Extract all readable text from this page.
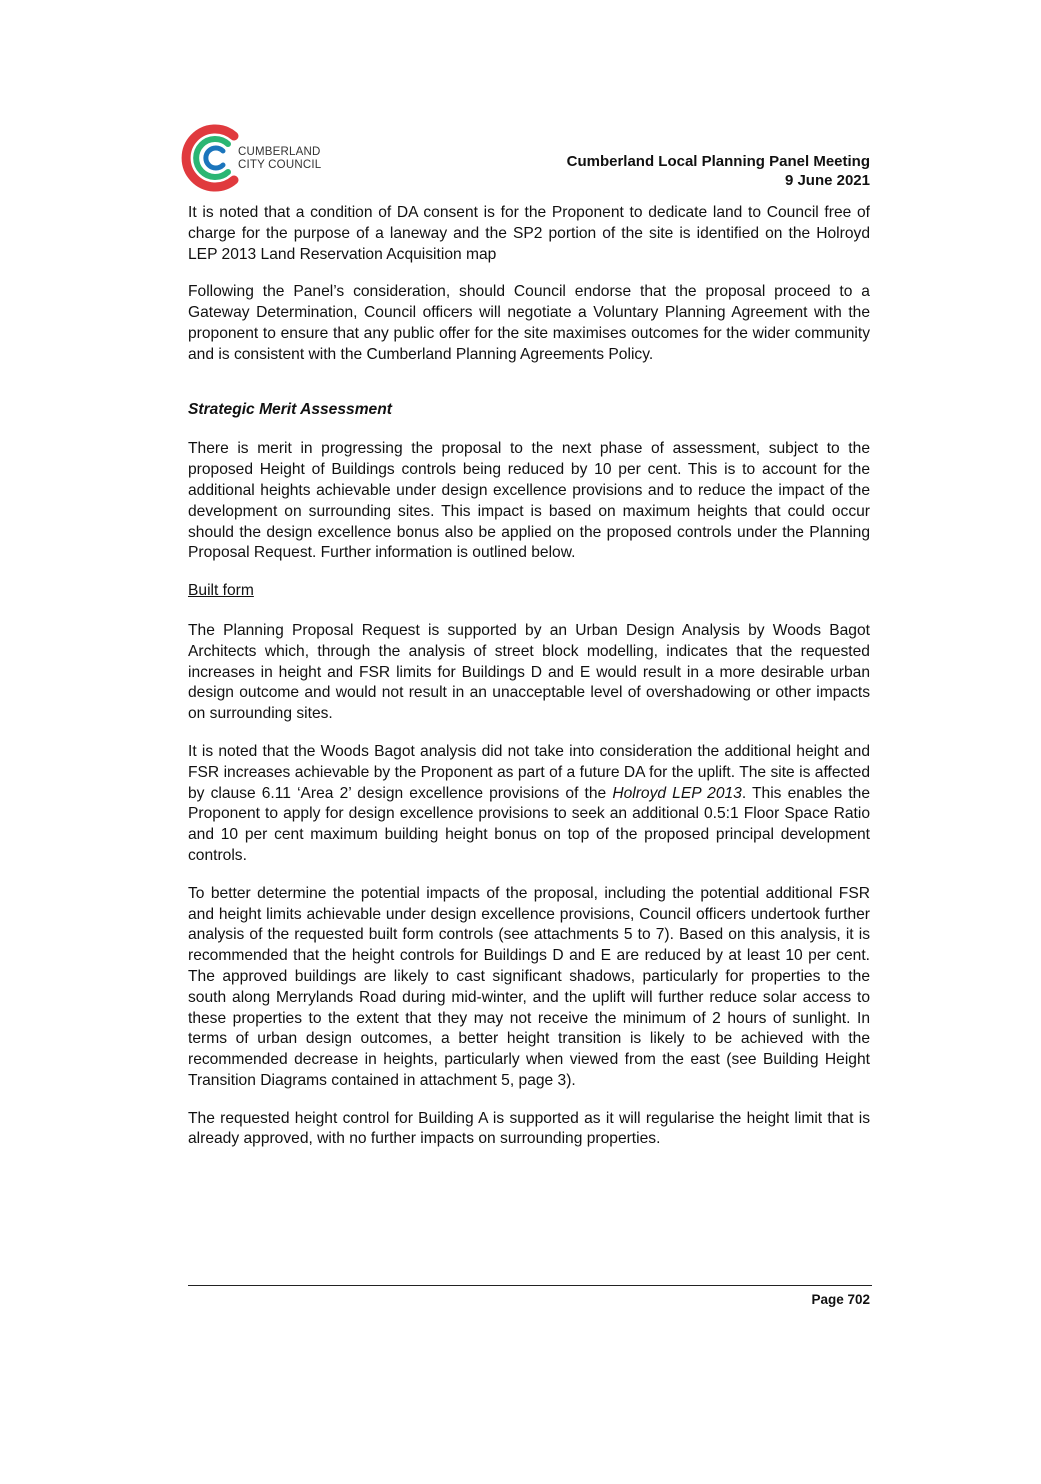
CUMBERLAND
CITY COUNCIL	Cumberland Local Planning Panel Meeting
9 June 2021

It is noted that a condition of DA consent is for the Proponent to dedicate land to Council free of charge for the purpose of a laneway and the SP2 portion of the site is identified on the Holroyd LEP 2013 Land Reservation Acquisition map

Following the Panel’s consideration, should Council endorse that the proposal proceed to a Gateway Determination, Council officers will negotiate a Voluntary Planning Agreement with the proponent to ensure that any public offer for the site maximises outcomes for the wider community and is consistent with the Cumberland Planning Agreements Policy.

Strategic Merit Assessment

There is merit in progressing the proposal to the next phase of assessment, subject to the proposed Height of Buildings controls being reduced by 10 per cent. This is to account for the additional heights achievable under design excellence provisions and to reduce the impact of the development on surrounding sites. This impact is based on maximum heights that could occur should the design excellence bonus also be applied on the proposed controls under the Planning Proposal Request. Further information is outlined below.

Built form

The Planning Proposal Request is supported by an Urban Design Analysis by Woods Bagot Architects which, through the analysis of street block modelling, indicates that the requested increases in height and FSR limits for Buildings D and E would result in a more desirable urban design outcome and would not result in an unacceptable level of overshadowing or other impacts on surrounding sites.

It is noted that the Woods Bagot analysis did not take into consideration the additional height and FSR increases achievable by the Proponent as part of a future DA for the uplift. The site is affected by clause 6.11 ‘Area 2’ design excellence provisions of the Holroyd LEP 2013. This enables the Proponent to apply for design excellence provisions to seek an additional 0.5:1 Floor Space Ratio and 10 per cent maximum building height bonus on top of the proposed principal development controls.

To better determine the potential impacts of the proposal, including the potential additional FSR and height limits achievable under design excellence provisions, Council officers undertook further analysis of the requested built form controls (see attachments 5 to 7). Based on this analysis, it is recommended that the height controls for Buildings D and E are reduced by at least 10 per cent. The approved buildings are likely to cast significant shadows, particularly for properties to the south along Merrylands Road during mid-winter, and the uplift will further reduce solar access to these properties to the extent that they may not receive the minimum of 2 hours of sunlight. In terms of urban design outcomes, a better height transition is likely to be achieved with the recommended decrease in heights, particularly when viewed from the east (see Building Height Transition Diagrams contained in attachment 5, page 3).

The requested height control for Building A is supported as it will regularise the height limit that is already approved, with no further impacts on surrounding properties.

Page 702
